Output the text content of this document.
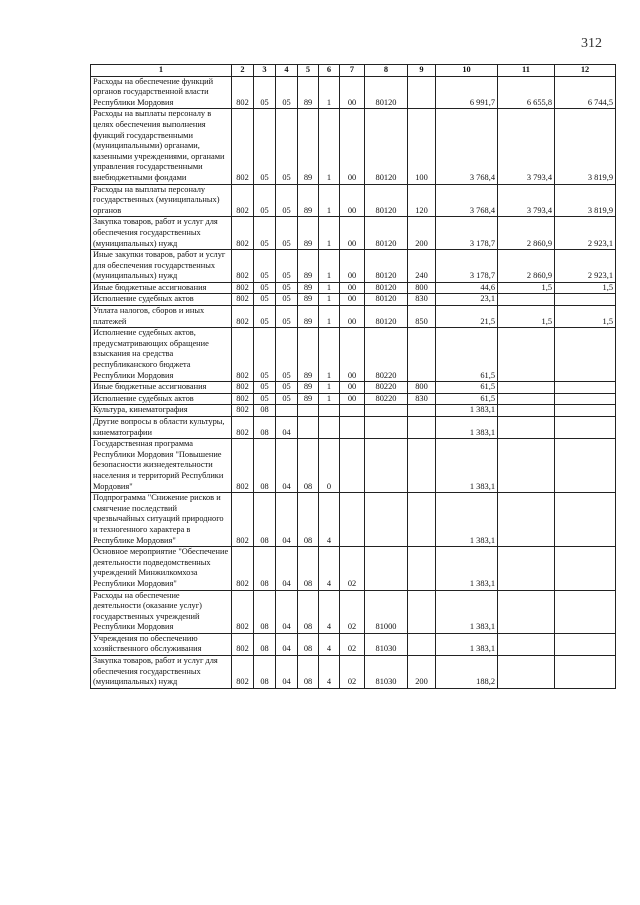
312
1	2	3	4	5	6	7	8	9	10	11	12
Расходы на обеспечение функций органов государственной власти Республики Мордовия	802	05	05	89	1	00	80120		6 991,7	6 655,8	6 744,5
Расходы на выплаты персоналу в целях обеспечения выполнения функций государственными (муниципальными) органами, казенными учреждениями, органами управления государственными внебюджетными фондами	802	05	05	89	1	00	80120	100	3 768,4	3 793,4	3 819,9
Расходы на выплаты персоналу государственных (муниципальных) органов	802	05	05	89	1	00	80120	120	3 768,4	3 793,4	3 819,9
Закупка товаров, работ и услуг для обеспечения государственных (муниципальных) нужд	802	05	05	89	1	00	80120	200	3 178,7	2 860,9	2 923,1
Иные закупки товаров, работ и услуг для обеспечения государственных (муниципальных) нужд	802	05	05	89	1	00	80120	240	3 178,7	2 860,9	2 923,1
Иные бюджетные ассигнования	802	05	05	89	1	00	80120	800	44,6	1,5	1,5
Исполнение судебных актов	802	05	05	89	1	00	80120	830	23,1		
Уплата налогов, сборов и иных платежей	802	05	05	89	1	00	80120	850	21,5	1,5	1,5
Исполнение судебных актов, предусматривающих обращение взыскания на средства республиканского бюджета Республики Мордовия	802	05	05	89	1	00	80220		61,5		
Иные бюджетные ассигнования	802	05	05	89	1	00	80220	800	61,5		
Исполнение судебных актов	802	05	05	89	1	00	80220	830	61,5		
Культура, кинематография	802	08							1 383,1		
Другие вопросы в области культуры, кинематографии	802	08	04						1 383,1		
Государственная программа Республики Мордовия "Повышение безопасности жизнедеятельности населения и территорий Республики Мордовия"	802	08	04	08	0				1 383,1		
Подпрограмма "Снижение рисков и смягчение последствий чрезвычайных ситуаций природного и техногенного характера в Республике Мордовия"	802	08	04	08	4				1 383,1		
Основное мероприятие "Обеспечение деятельности подведомственных учреждений Минжилкомхоза Республики Мордовия"	802	08	04	08	4	02			1 383,1		
Расходы на обеспечение деятельности (оказание услуг) государственных учреждений Республики Мордовия	802	08	04	08	4	02	81000		1 383,1		
Учреждения по обеспечению хозяйственного обслуживания	802	08	04	08	4	02	81030		1 383,1		
Закупка товаров, работ и услуг для обеспечения государственных (муниципальных) нужд	802	08	04	08	4	02	81030	200	188,2		
